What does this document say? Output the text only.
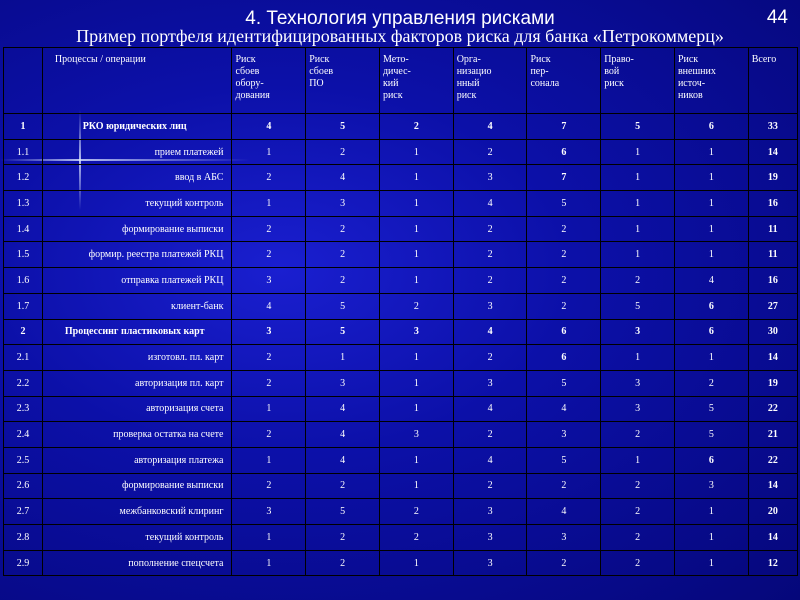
4. Технология управления рисками	44
Пример портфеля идентифицированных факторов риска для банка «Петрокоммерц»
	Процессы / операции	Риск
сбоев
обору-
дования	Риск
сбоев
ПО	Мето-
дичес-
кий
риск	Орга-
низацио
нный
риск	Риск
пер-
сонала	Право-
вой
риск	Риск
внешних
источ-
ников	Всего
1	РКО юридических лиц	4	5	2	4	7	5	6	33
1.1	прием платежей	1	2	1	2	6	1	1	14
1.2	ввод в АБС	2	4	1	3	7	1	1	19
1.3	текущий контроль	1	3	1	4	5	1	1	16
1.4	формирование выписки	2	2	1	2	2	1	1	11
1.5	формир. реестра платежей РКЦ	2	2	1	2	2	1	1	11
1.6	отправка платежей РКЦ	3	2	1	2	2	2	4	16
1.7	клиент-банк	4	5	2	3	2	5	6	27
2	Процессинг пластиковых карт	3	5	3	4	6	3	6	30
2.1	изготовл. пл. карт	2	1	1	2	6	1	1	14
2.2	авторизация пл. карт	2	3	1	3	5	3	2	19
2.3	авторизация счета	1	4	1	4	4	3	5	22
2.4	проверка остатка на счете	2	4	3	2	3	2	5	21
2.5	авторизация платежа	1	4	1	4	5	1	6	22
2.6	формирование выписки	2	2	1	2	2	2	3	14
2.7	межбанковский клиринг	3	5	2	3	4	2	1	20
2.8	текущий контроль	1	2	2	3	3	2	1	14
2.9	пополнение спецсчета	1	2	1	3	2	2	1	12
